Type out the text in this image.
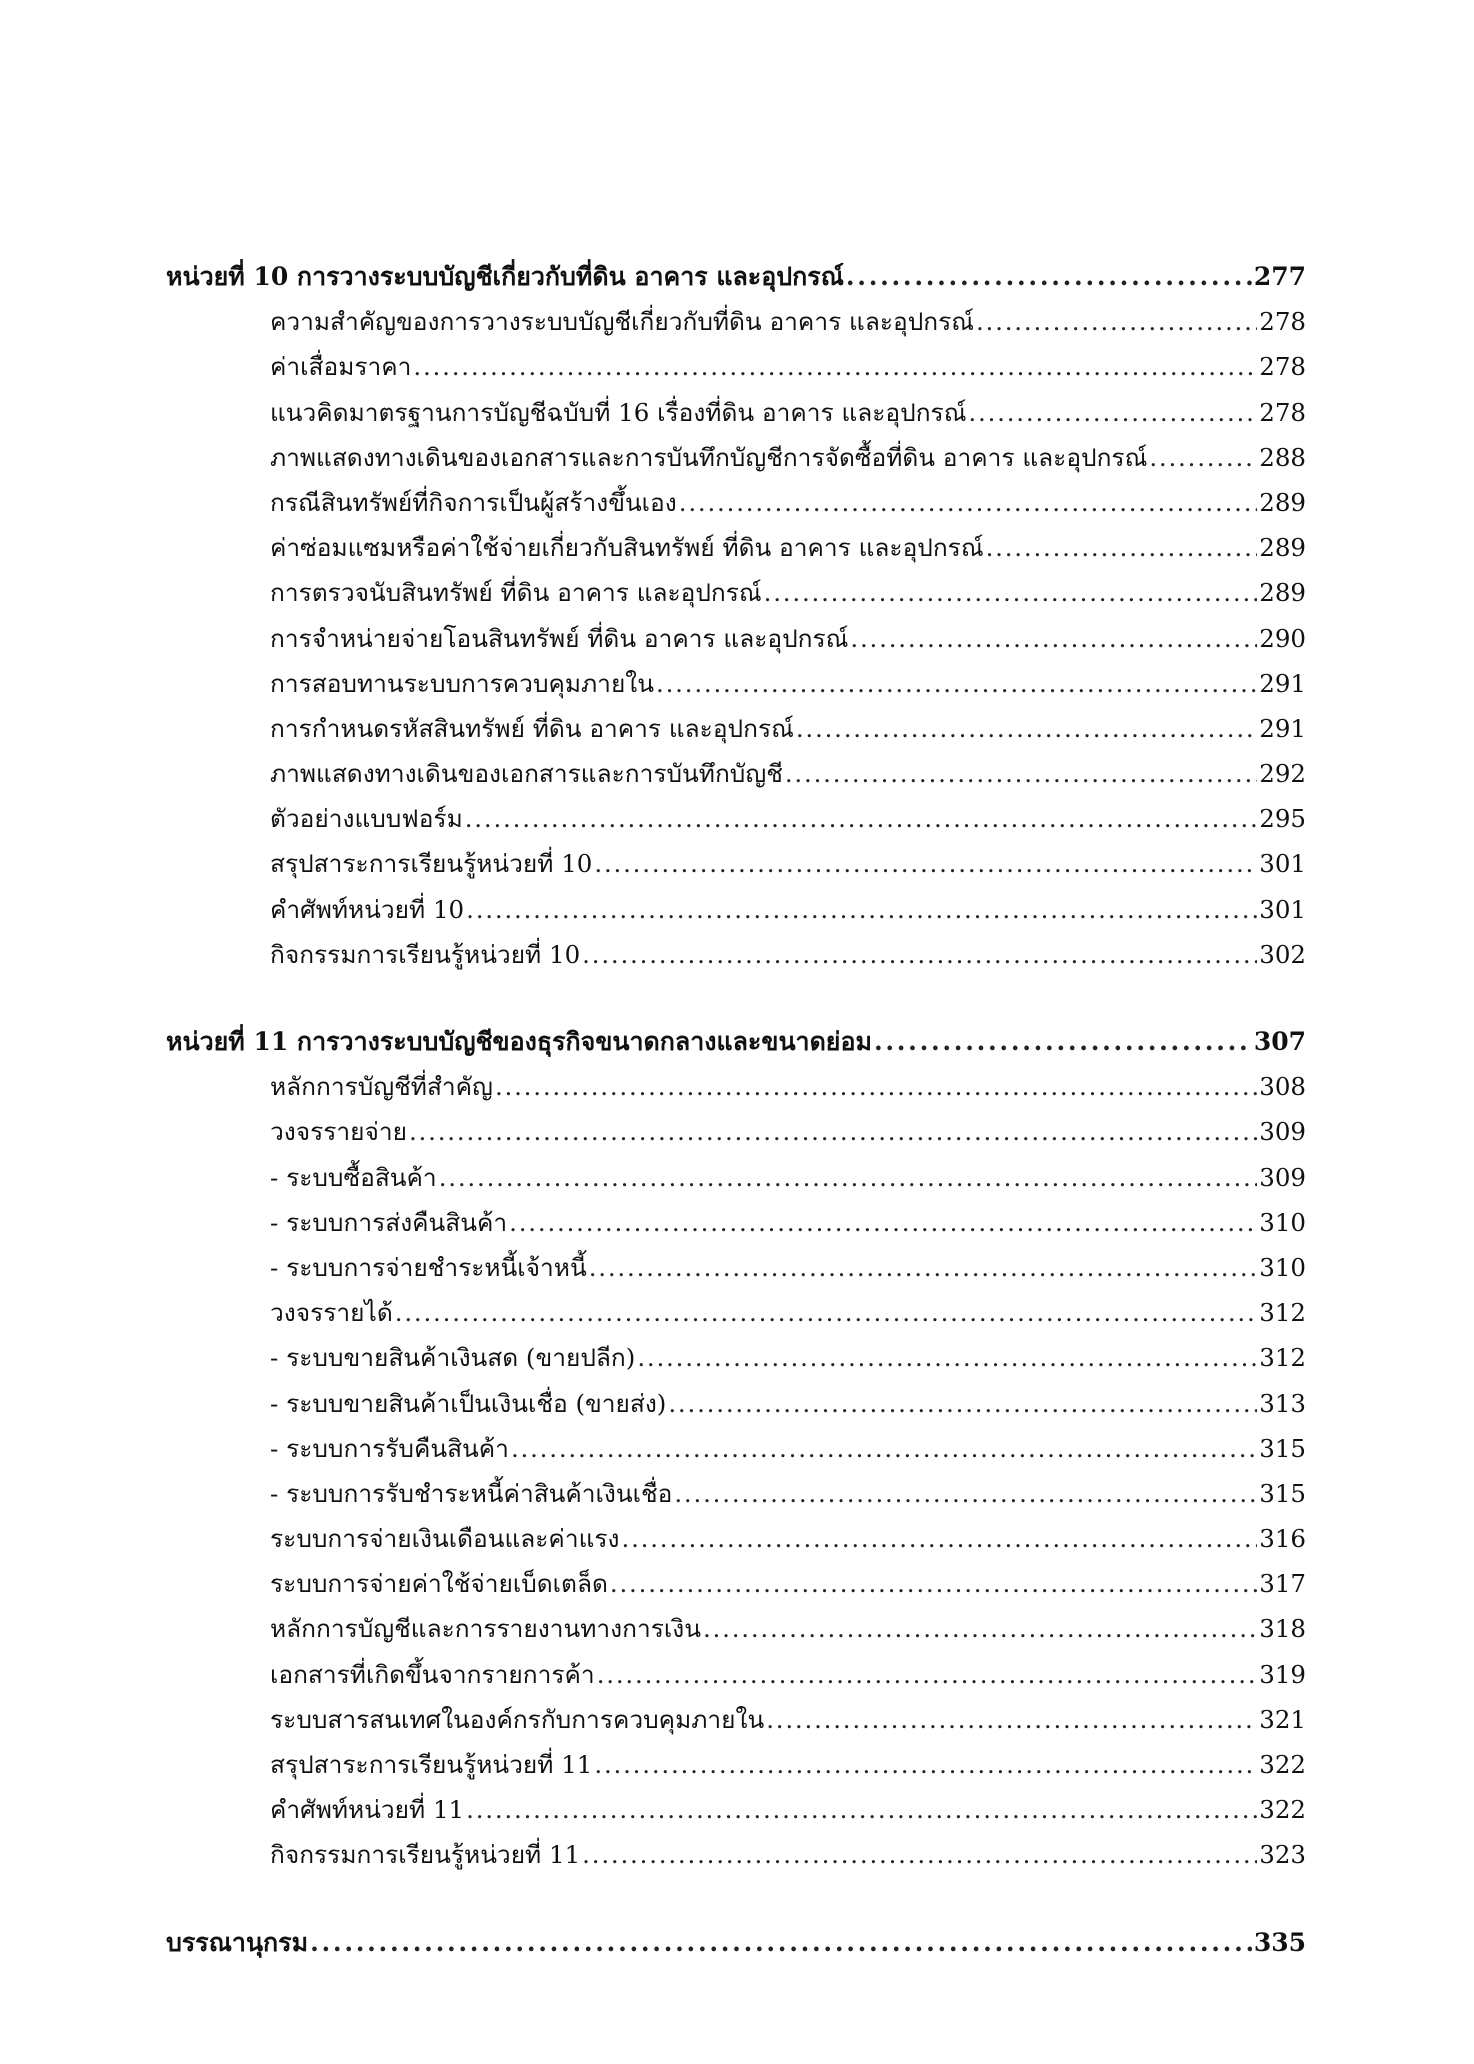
หน่วยที่ 10 การวางระบบบัญชีเกี่ยวกับที่ดิน อาคาร และอุปกรณ์ . . .	277
ความสำคัญของการวางระบบบัญชีเกี่ยวกับที่ดิน อาคาร และอุปกรณ์ . . .	278
ค่าเสื่อมราคา . . .	278
แนวคิดมาตรฐานการบัญชีฉบับที่ 16 เรื่องที่ดิน อาคาร และอุปกรณ์ . . .	278
ภาพแสดงทางเดินของเอกสารและการบันทึกบัญชีการจัดซื้อที่ดิน อาคาร และอุปกรณ์ . . .	288
กรณีสินทรัพย์ที่กิจการเป็นผู้สร้างขึ้นเอง . . .	289
ค่าซ่อมแซมหรือค่าใช้จ่ายเกี่ยวกับสินทรัพย์ ที่ดิน อาคาร และอุปกรณ์ . . .	289
การตรวจนับสินทรัพย์ ที่ดิน อาคาร และอุปกรณ์ . . .	289
การจำหน่ายจ่ายโอนสินทรัพย์ ที่ดิน อาคาร และอุปกรณ์ . . .	290
การสอบทานระบบการควบคุมภายใน . . .	291
การกำหนดรหัสสินทรัพย์ ที่ดิน อาคาร และอุปกรณ์ . . .	291
ภาพแสดงทางเดินของเอกสารและการบันทึกบัญชี . . .	292
ตัวอย่างแบบฟอร์ม . . .	295
สรุปสาระการเรียนรู้หน่วยที่ 10 . . .	301
คำศัพท์หน่วยที่ 10 . . .	301
กิจกรรมการเรียนรู้หน่วยที่ 10 . . .	302
หน่วยที่ 11 การวางระบบบัญชีของธุรกิจขนาดกลางและขนาดย่อม . . .	307
หลักการบัญชีที่สำคัญ . . .	308
วงจรรายจ่าย . . .	309
- ระบบซื้อสินค้า . . .	309
- ระบบการส่งคืนสินค้า . . .	310
- ระบบการจ่ายชำระหนี้เจ้าหนี้ . . .	310
วงจรรายได้ . . .	312
- ระบบขายสินค้าเงินสด (ขายปลีก) . . .	312
- ระบบขายสินค้าเป็นเงินเชื่อ (ขายส่ง) . . .	313
- ระบบการรับคืนสินค้า . . .	315
- ระบบการรับชำระหนี้ค่าสินค้าเงินเชื่อ . . .	315
ระบบการจ่ายเงินเดือนและค่าแรง . . .	316
ระบบการจ่ายค่าใช้จ่ายเบ็ดเตล็ด . . .	317
หลักการบัญชีและการรายงานทางการเงิน . . .	318
เอกสารที่เกิดขึ้นจากรายการค้า . . .	319
ระบบสารสนเทศในองค์กรกับการควบคุมภายใน . . .	321
สรุปสาระการเรียนรู้หน่วยที่ 11 . . .	322
คำศัพท์หน่วยที่ 11 . . .	322
กิจกรรมการเรียนรู้หน่วยที่ 11 . . .	323
บรรณานุกรม . . .	335
